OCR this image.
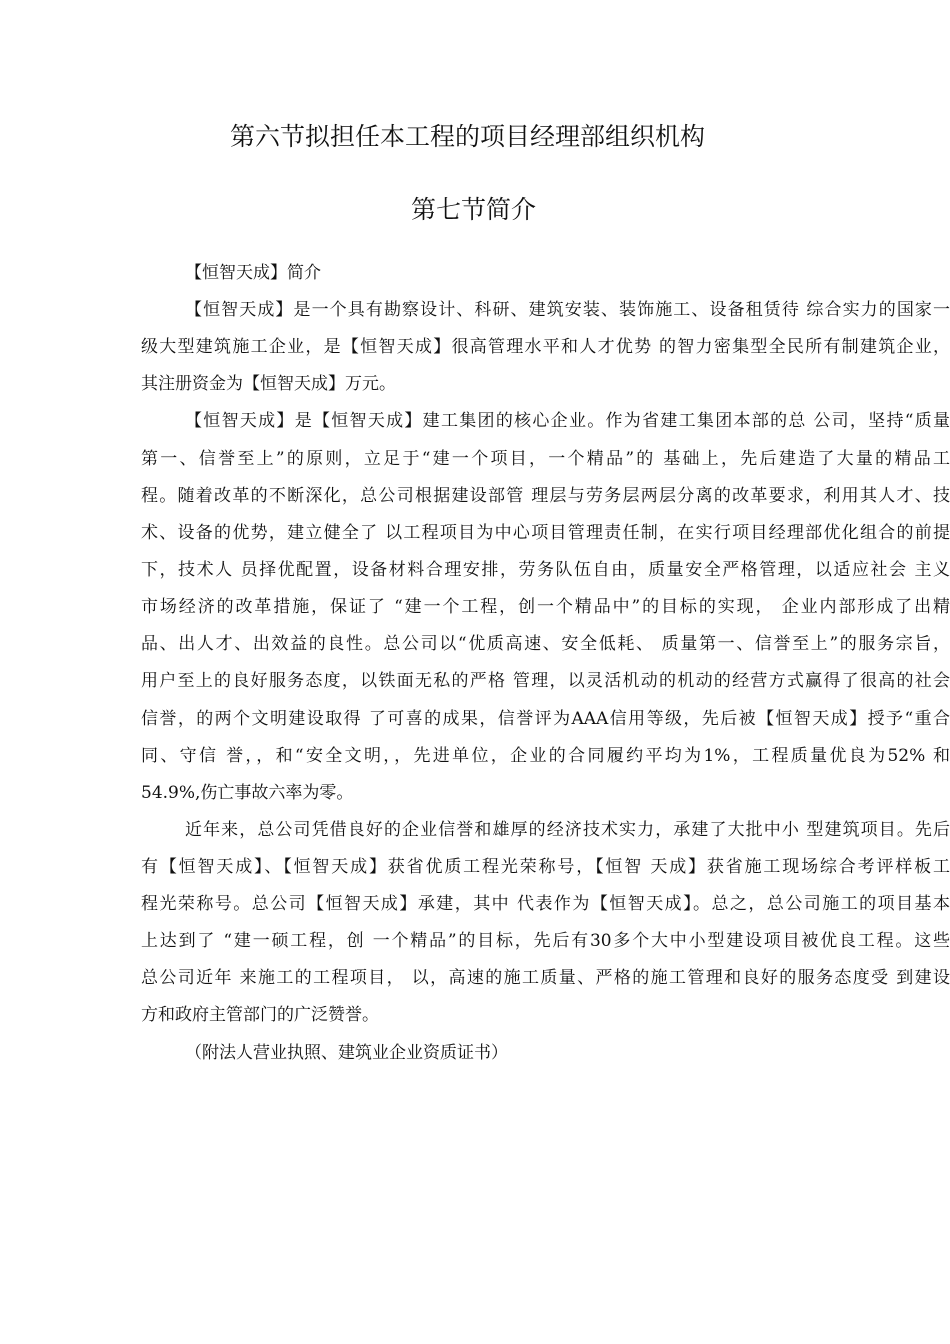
第六节拟担任本工程的项目经理部组织机构
第七节简介
【恒智天成】简介
【恒智天成】是一个具有勘察设计、科研、建筑安装、装饰施工、设备租赁待 综合实力的国家一
级大型建筑施工企业，是【恒智天成】很高管理水平和人才优势 的智力密集型全民所有制建筑企业，
其注册资金为【恒智天成】万元。
【恒智天成】是【恒智天成】建工集团的核心企业。作为省建工集团本部的总 公司，坚持“质量
第一、信誉至上”的原则，立足于“建一个项目，一个精品”的 基础上，先后建造了大量的精品工
程。随着改革的不断深化，总公司根据建设部管 理层与劳务层两层分离的改革要求，利用其人才、技
术、设备的优势，建立健全了 以工程项目为中心项目管理责任制，在实行项目经理部优化组合的前提
下，技术人 员择优配置，设备材料合理安排，劳务队伍自由，质量安全严格管理，以适应社会 主义
市场经济的改革措施，保证了 “建一个工程，创一个精品中”的目标的实现， 企业内部形成了出精
品、出人才、出效益的良性。总公司以“优质高速、安全低耗、 质量第一、信誉至上”的服务宗旨，
用户至上的良好服务态度，以铁面无私的严格 管理，以灵活机动的机动的经营方式赢得了很高的社会
信誉，的两个文明建设取得 了可喜的成果，信誉评为AAA信用等级，先后被【恒智天成】授予“重合
同、守信 誉，，和“安全文明，，先进单位，企业的合同履约平均为1%，工程质量优良为52% 和
54.9%,伤亡事故六率为零。
近年来，总公司凭借良好的企业信誉和雄厚的经济技术实力，承建了大批中小 型建筑项目。先后
有【恒智天成】、【恒智天成】获省优质工程光荣称号，【恒智 天成】获省施工现场综合考评样板工
程光荣称号。总公司【恒智天成】承建，其中 代表作为【恒智天成】。总之，总公司施工的项目基本
上达到了 “建一硕工程，创 一个精品”的目标，先后有30多个大中小型建设项目被优良工程。这些
总公司近年 来施工的工程项目， 以，高速的施工质量、严格的施工管理和良好的服务态度受 到建设
方和政府主管部门的广泛赞誉。
（附法人营业执照、建筑业企业资质证书）
